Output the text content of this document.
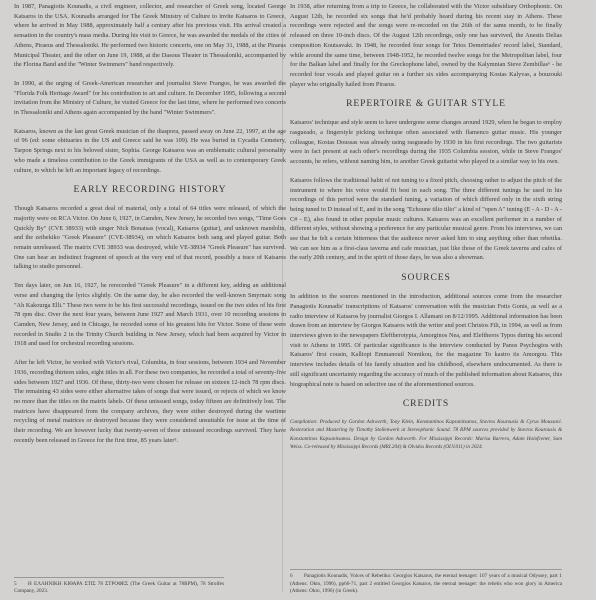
In 1987, Panagiotis Kounadis, a civil engineer, collector, and researcher of Greek song, located George Katsaros in the USA. Kounadis arranged for The Greek Ministry of Culture to invite Katsaros to Greece, where he arrived in May 1988, approximately half a century after his previous visit. His arrival created a sensation in the country's mass media. During his visit to Greece, he was awarded the medals of the cities of Athens, Piraeus and Thessaloniki. He performed two historic concerts, one on May 31, 1988, at the Piraeus Municipal Theater, and the other on June 19, 1988, at the Dasous Theater in Thessaloniki, accompanied by the Florina Band and the "Winter Swimmers" band respectively.

In 1990, at the urging of Greek-American researcher and journalist Steve Frangos, he was awarded the "Florida Folk Heritage Award" for his contribution to art and culture. In December 1995, following a second invitation from the Ministry of Culture, he visited Greece for the last time, where he performed two concerts in Thessaloniki and Athens again accompanied by the band "Winter Swimmers".

Katsaros, known as the last great Greek musician of the diaspora, passed away on June 22, 1997, at the age of 96 (ed: some obituaries in the US and Greece said he was 109). He was buried in Cycadia Cemetery, Tarpon Springs next to his beloved sister, Sophia. George Katsaros was an emblematic cultural personality who made a timeless contribution to the Greek immigrants of the USA as well as to contemporary Greek culture, to which he left an important legacy of recordings.

EARLY RECORDING HISTORY

Though Katsaros recorded a great deal of material, only a total of 64 titles were released, of which the majority were on RCA Victor. On June 6, 1927, in Camden, New Jersey, he recorded two songs, "Time Goes Quickly By" (CVE 38933) with singer Nick Bonatsas (vocal), Katsaros (guitar), and unknown mandolin, and the zeibekiko "Greek Pleasure" (CVE-38934), on which Katsaros both sang and played guitar. Both remain unreleased. The matrix CVE 38933 was destroyed, while VE-38934 "Greek Pleasure" has survived. One can hear an indistinct fragment of speech at the very end of that record, possibly a trace of Katsaros talking to studio personnel.

Ten days later, on Jun 16, 1927, he rerecorded "Greek Pleasure" in a different key, adding an additional verse and changing the lyrics slightly. On the same day, he also recorded the well-known Smyrnaic song "Ah Kakourga Elli." These two were to be his first successful recordings, issued on the two sides of his first 78 rpm disc. Over the next four years, between June 1927 and March 1931, over 10 recording sessions in Camden, New Jersey, and in Chicago, he recorded some of his greatest hits for Victor. Some of these were recorded in Studio 2 in the Trinity Church building in New Jersey, which had been acquired by Victor in 1918 and used for orchestral recording sessions.

After he left Victor, he worked with Victor's rival, Columbia, in four sessions, between 1934 and November 1936, recording thirteen sides, eight titles in all. For these two companies, he recorded a total of seventy-five sides between 1927 and 1936. Of these, thirty-two were chosen for release on sixteen 12-inch 78 rpm discs. The remaining 43 sides were either alternative takes of songs that were issued, or rejects of which we know no more than the titles on the matrix labels. Of these unissued songs, today fifteen are definitively lost. The matrices have disappeared from the company archives, they were either destroyed during the wartime recycling of metal matrices or destroyed because they were considered unsuitable for issue at the time of their recording. We are however lucky that twenty-seven of those unissued recordings survived. They have recently been released in Greece for the first time, 85 years later⁵.

In 1938, after returning from a trip to Greece, he collaborated with the Victor subsidiary Orthophonic. On August 12th, he recorded six songs that he'd probably heard during his recent stay in Athens. These recordings were rejected and the songs were re-recorded on the 26th of the same month, to be finally released on three 10-inch discs. Of the August 12th recordings, only one has survived, the Anestis Delias composition Koutsavaki. In 1948, he recorded four songs for Tetos Demetriades' record label, Standard, while around the same time, between 1948-1952, he recorded twelve songs for the Metropolitan label, four for the Balkan label and finally for the Greckophone label, owned by the Kalymnian Steve Zembillas⁶ - he recorded four vocals and played guitar on a further six sides accompanying Kostas Kalyvas, a bouzouki player who originally hailed from Piraeus.

REPERTOIRE & GUITAR STYLE

Katsaros' technique and style seem to have undergone some changes around 1929, when he began to employ rasgueado, a fingerstyle picking technique often associated with flamenco guitar music. His younger colleague, Kostas Doussas was already using rasgueado by 1930 in his first recordings. The two guitarists were in fact present at each other's recordings during the 1935 Columbia session, while in Steve Frangos' accounts, he refers, without naming him, to another Greek guitarist who played in a similar way to his own.

Katsaros follows the traditional habit of not tuning to a fixed pitch, choosing rather to adjust the pitch of the instrument to where his voice would fit best in each song. The three different tunings he used in his recordings of this period were the standard tuning, a variation of which differed only in the sixth string being tuned to D instead of E, and in the song "Echoune tilio tilio" a kind of "open A" tuning (E - A - D - A - C# - E), also found in other popular music cultures. Katsaros was an excellent performer in a number of different styles, without showing a preference for any particular musical genre. From his interviews, we can see that he felt a certain bitterness that the audience never asked him to sing anything other than rebetika. We can see him as a first-class taverna and cafe musician, just like those of the Greek taverns and cafes of the early 20th century, and in the spirit of those days, he was also a showman.

SOURCES

In addition to the sources mentioned in the introduction, additional sources come from the researcher Panagiotis Kounadis' transcriptions of Katsaros' conversation with the musician Fotis Gonis, as well as a radio interview of Katsaros by journalist Giorgos I. Allamani on 8/12/1995. Additional information has been drawn from an interview by Giorgos Katsaros with the writer and poet Christos Fili, in 1994, as well as from interviews given to the newspapers Eleftherotypia, Amorginos Nea, and Eleftheros Typos during his second visit to Athens in 1995. Of particular significance is the interview conducted by Panos Psychogios with Katsaros' first cousin, Kalliopi Emmanouil Nomikou, for the magazine To kastro tis Amorgou. This interview includes details of his family situation and his childhood, elsewhere undocumented. As there is still significant uncertainty regarding the accuracy of much of the published information about Katsaros, this biographical note is based on selective use of the aforementioned sources.

CREDITS

Compilation: Produced by Gordon Ashworth, Tony Klein, Konstantinos Kapsanitsanos, Stavros Kourousis & Cyrus Moussavi. Restoration and Mastering by Timothy Stollenwerk at Stereophonic Sound. 78 RPM sources provided by Stavros Kourousis & Konstantinos Kapsanitsanos. Design by Gordon Ashworth. For Mississippi Records: Marisa Barrera, Adam Holofcener, Sam Weiss. Co-released by Mississippi Records (MRI.204) & Olvidos Records (OLV.011) in 2024.

5 Η ΕΛΛΗΝΙΚΗ ΚΙΘΑΡΑ ΣΤΙΣ 78 ΣΤΡΟΦΕΣ (The Greek Guitar at 78RPM), 78 Stroifes Company, 2023.

6 Panagiotis Kounadis, Voices of Rebetiko: Georgios Katsaros, the eternal teenager: 107 years of a musical Odyssey, part 1 (Athens: Okto, 1996), pp66-71, part 2 entitled Georgios Katsaros, the eternal teenager: the rebetis who won glory in America (Athens: Okto, 1996) (in Greek).
